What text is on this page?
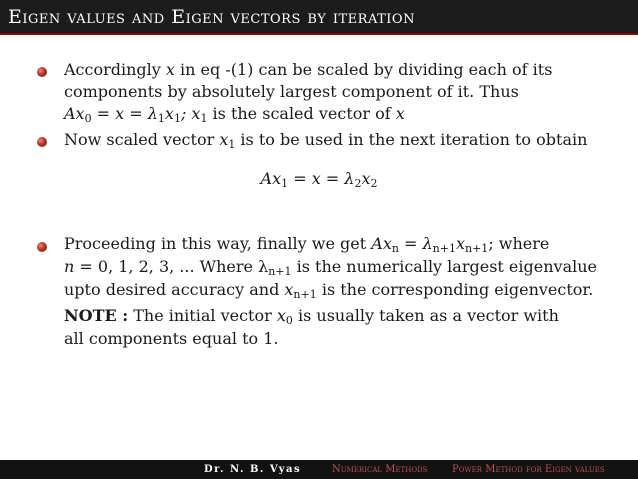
Eigen values and Eigen vectors by iteration
Accordingly x in eq -(1) can be scaled by dividing each of its
components by absolutely largest component of it. Thus
$Ax_0 = x = \lambda_1x_1$; $x_1$ is the scaled vector of x
Now scaled vector $x_1$ is to be used in the next iteration to obtain
$Ax_1 = x = \lambda_2x_2$
Proceeding in this way, finally we get $Ax_n = \lambda_{n+1}x_{n+1}$; where
n = 0, 1, 2, 3, ... Where $\lambda_{n+1}$ is the numerically largest eigenvalue
upto desired accuracy and $x_{n+1}$ is the corresponding eigenvector.
NOTE : The initial vector $x_0$ is usually taken as a vector with
all components equal to 1.
Dr. N. B. Vyas	Numerical Methods Power Method for Eigen values
